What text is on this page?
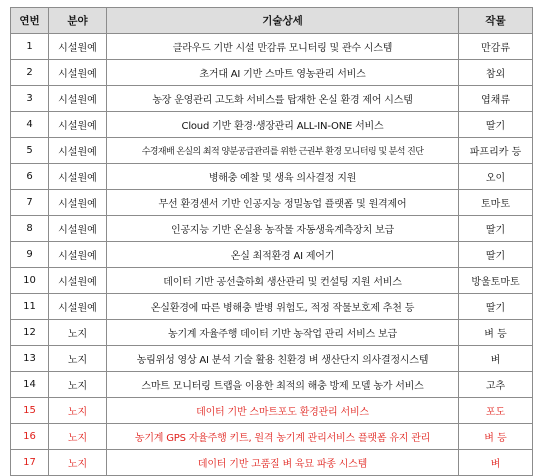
연번	분야	기술상세	작물
1	시설원예	클라우드 기반 시설 만감류 모니터링 및 관수 시스템	만감류
2	시설원예	초거대 AI 기반 스마트 영농관리 서비스	참외
3	시설원예	농장 운영관리 고도화 서비스를 탑재한 온실 환경 제어 시스템	엽채류
4	시설원예	Cloud 기반 환경·생장관리 ALL-IN-ONE 서비스	딸기
5	시설원예	수경재배 온실의 최적 양분공급관리를 위한 근권부 환경 모니터링 및 분석 진단	파프리카 등
6	시설원예	병해충 예찰 및 생육 의사결정 지원	오이
7	시설원예	무선 환경센서 기반 인공지능 정밀농업 플랫폼 및 원격제어	토마토
8	시설원예	인공지능 기반 온실용 농작물 자동생육계측장치 보급	딸기
9	시설원예	온실 최적환경 AI 제어기	딸기
10	시설원예	데이터 기반 공선출하회 생산관리 및 컨설팅 지원 서비스	방울토마토
11	시설원예	온실환경에 따른 병해충 발병 위험도, 적정 작물보호제 추천 등	딸기
12	노지	농기계 자율주행 데이터 기반 농작업 관리 서비스 보급	벼 등
13	노지	농림위성 영상 AI 분석 기술 활용 친환경 벼 생산단지 의사결정시스템	벼
14	노지	스마트 모니터링 트랩을 이용한 최적의 해충 방제 모델 농가 서비스	고추
15	노지	데이터 기반 스마트포도 환경관리 서비스	포도
16	노지	농기계 GPS 자율주행 키트, 원격 농기계 관리서비스 플랫폼 유지 관리	벼 등
17	노지	데이터 기반 고품질 벼 육묘 파종 시스템	벼
